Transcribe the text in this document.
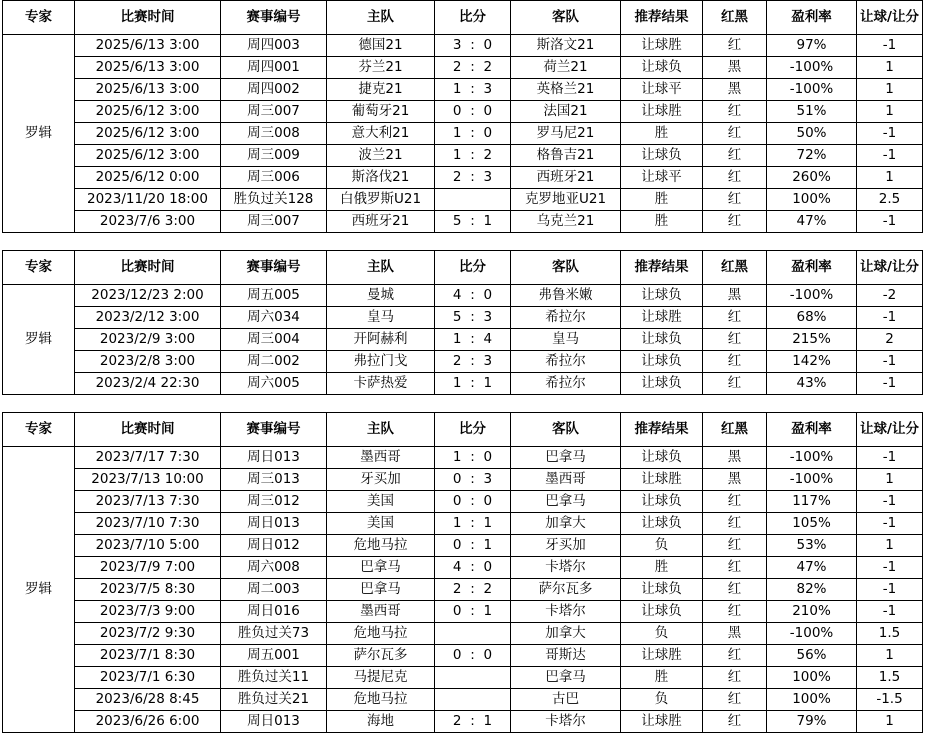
专家	比赛时间	赛事编号	主队	比分	客队	推荐结果	红黑	盈利率	让球/让分
罗辑	2025/6/13 3:00	周四003	德国21	3 : 0	斯洛文21	让球胜	红	97%	-1
	2025/6/13 3:00	周四001	芬兰21	2 : 2	荷兰21	让球负	黑	-100%	1
	2025/6/13 3:00	周四002	捷克21	1 : 3	英格兰21	让球平	黑	-100%	1
	2025/6/12 3:00	周三007	葡萄牙21	0 : 0	法国21	让球胜	红	51%	1
	2025/6/12 3:00	周三008	意大利21	1 : 0	罗马尼21	胜	红	50%	-1
	2025/6/12 3:00	周三009	波兰21	1 : 2	格鲁吉21	让球负	红	72%	-1
	2025/6/12 0:00	周三006	斯洛伐21	2 : 3	西班牙21	让球平	红	260%	1
	2023/11/20 18:00	胜负过关128	白俄罗斯U21		克罗地亚U21	胜	红	100%	2.5
	2023/7/6 3:00	周三007	西班牙21	5 : 1	乌克兰21	胜	红	47%	-1
专家	比赛时间	赛事编号	主队	比分	客队	推荐结果	红黑	盈利率	让球/让分
罗辑	2023/12/23 2:00	周五005	曼城	4 : 0	弗鲁米嫩	让球负	黑	-100%	-2
	2023/2/12 3:00	周六034	皇马	5 : 3	希拉尔	让球胜	红	68%	-1
	2023/2/9 3:00	周三004	开阿赫利	1 : 4	皇马	让球负	红	215%	2
	2023/2/8 3:00	周二002	弗拉门戈	2 : 3	希拉尔	让球负	红	142%	-1
	2023/2/4 22:30	周六005	卡萨热爱	1 : 1	希拉尔	让球负	红	43%	-1
专家	比赛时间	赛事编号	主队	比分	客队	推荐结果	红黑	盈利率	让球/让分
罗辑	2023/7/17 7:30	周日013	墨西哥	1 : 0	巴拿马	让球负	黑	-100%	-1
	2023/7/13 10:00	周三013	牙买加	0 : 3	墨西哥	让球胜	黑	-100%	1
	2023/7/13 7:30	周三012	美国	0 : 0	巴拿马	让球负	红	117%	-1
	2023/7/10 7:30	周日013	美国	1 : 1	加拿大	让球负	红	105%	-1
	2023/7/10 5:00	周日012	危地马拉	0 : 1	牙买加	负	红	53%	1
	2023/7/9 7:00	周六008	巴拿马	4 : 0	卡塔尔	胜	红	47%	-1
	2023/7/5 8:30	周二003	巴拿马	2 : 2	萨尔瓦多	让球负	红	82%	-1
	2023/7/3 9:00	周日016	墨西哥	0 : 1	卡塔尔	让球负	红	210%	-1
	2023/7/2 9:30	胜负过关73	危地马拉		加拿大	负	黑	-100%	1.5
	2023/7/1 8:30	周五001	萨尔瓦多	0 : 0	哥斯达	让球胜	红	56%	1
	2023/7/1 6:30	胜负过关11	马提尼克		巴拿马	胜	红	100%	1.5
	2023/6/28 8:45	胜负过关21	危地马拉		古巴	负	红	100%	-1.5
	2023/6/26 6:00	周日013	海地	2 : 1	卡塔尔	让球胜	红	79%	1
